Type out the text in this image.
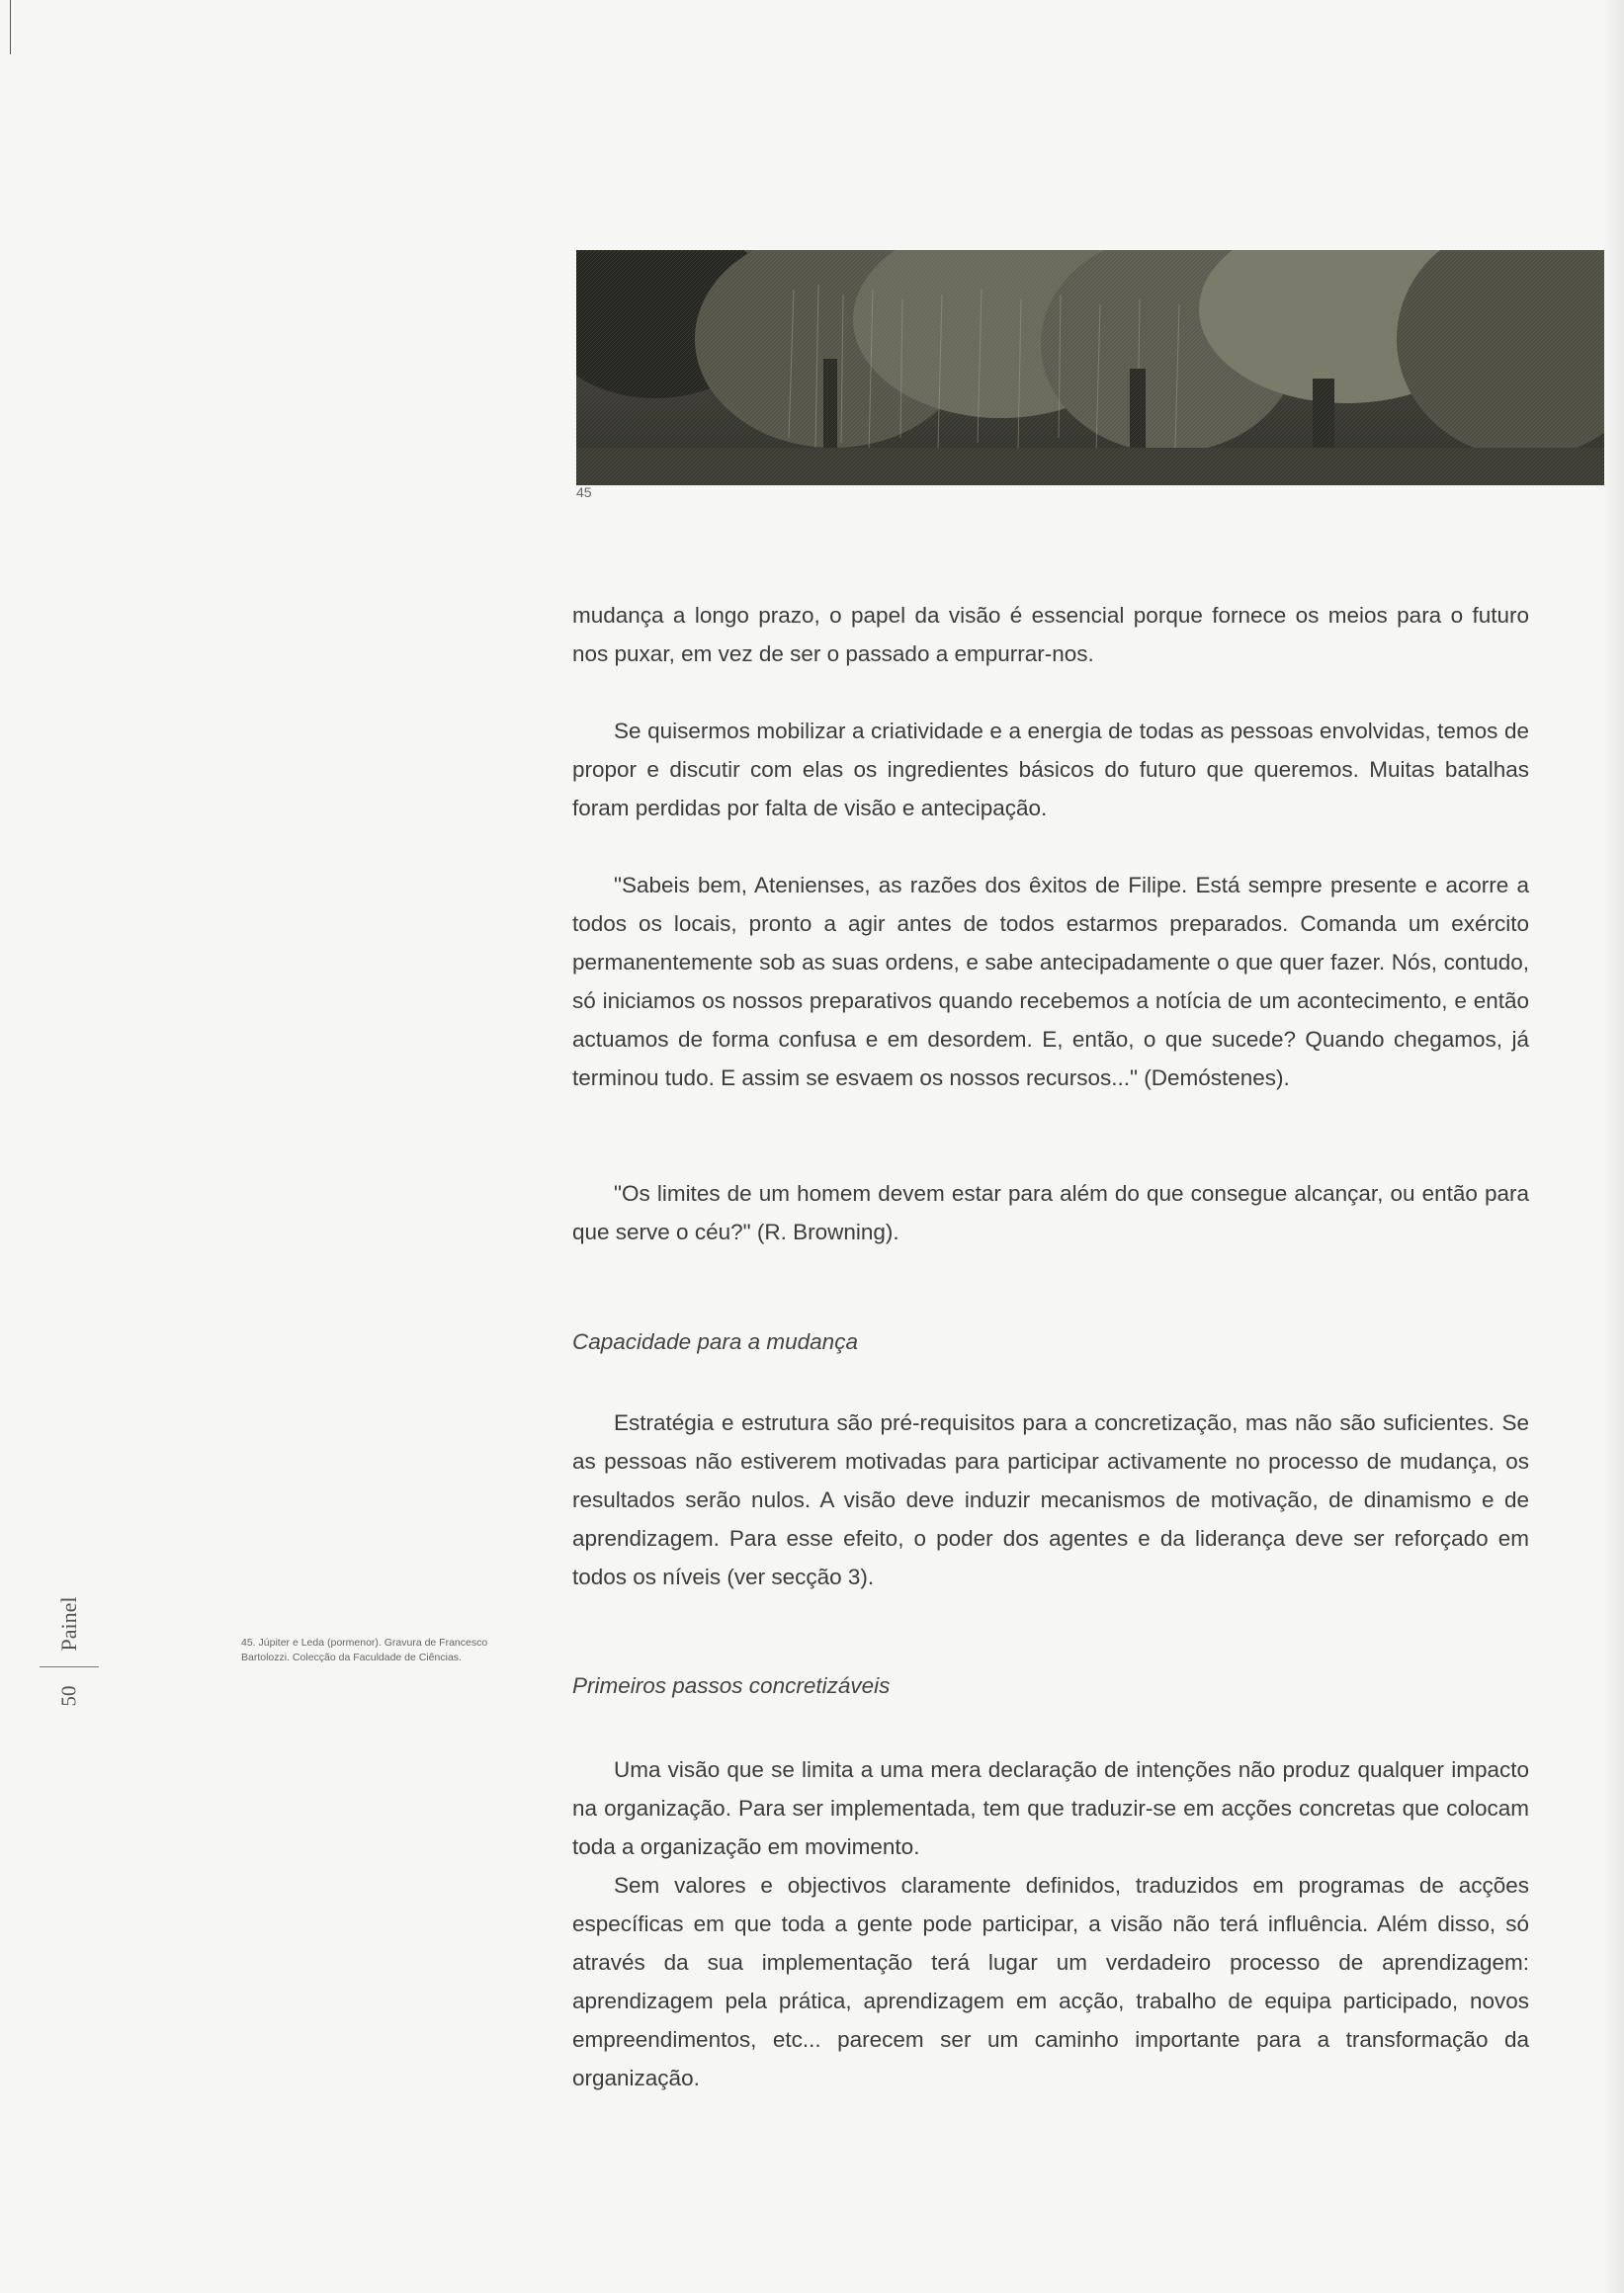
45

mudança a longo prazo, o papel da visão é essencial porque fornece os meios para o futuro

nos puxar, em vez de ser o passado a empurrar-nos.

Se quisermos mobilizar a criatividade e a energia de todas as pessoas envolvidas, temos de propor e discutir com elas os ingredientes básicos do futuro que queremos. Muitas batalhas foram perdidas por falta de visão e antecipação.

"Sabeis bem, Atenienses, as razões dos êxitos de Filipe. Está sempre presente e acorre a todos os locais, pronto a agir antes de todos estarmos preparados. Comanda um exército permanentemente sob as suas ordens, e sabe antecipadamente o que quer fazer. Nós, contudo, só iniciamos os nossos preparativos quando recebemos a notícia de um acontecimento, e então actuamos de forma confusa e em desordem. E, então, o que sucede? Quando chegamos, já terminou tudo. E assim se esvaem os nossos recursos..." (Demóstenes).

"Os limites de um homem devem estar para além do que consegue alcançar, ou então para que serve o céu?" (R. Browning).

Capacidade para a mudança

Estratégia e estrutura são pré-requisitos para a concretização, mas não são suficientes. Se as pessoas não estiverem motivadas para participar activamente no processo de mudança, os resultados serão nulos. A visão deve induzir mecanismos de motivação, de dinamismo e de aprendizagem. Para esse efeito, o poder dos agentes e da liderança deve ser reforçado em todos os níveis (ver secção 3).

Primeiros passos concretizáveis

Uma visão que se limita a uma mera declaração de intenções não produz qualquer impacto na organização. Para ser implementada, tem que traduzir-se em acções concretas que colocam toda a organização em movimento.

Sem valores e objectivos claramente definidos, traduzidos em programas de acções específicas em que toda a gente pode participar, a visão não terá influência. Além disso, só através da sua implementação terá lugar um verdadeiro processo de aprendizagem: aprendizagem pela prática, aprendizagem em acção, trabalho de equipa participado, novos empreendimentos, etc... parecem ser um caminho importante para a transformação da organização.

45. Júpiter e Leda (pormenor). Gravura de Francesco
Bartolozzi. Colecção da Faculdade de Ciências.
Painel
50
